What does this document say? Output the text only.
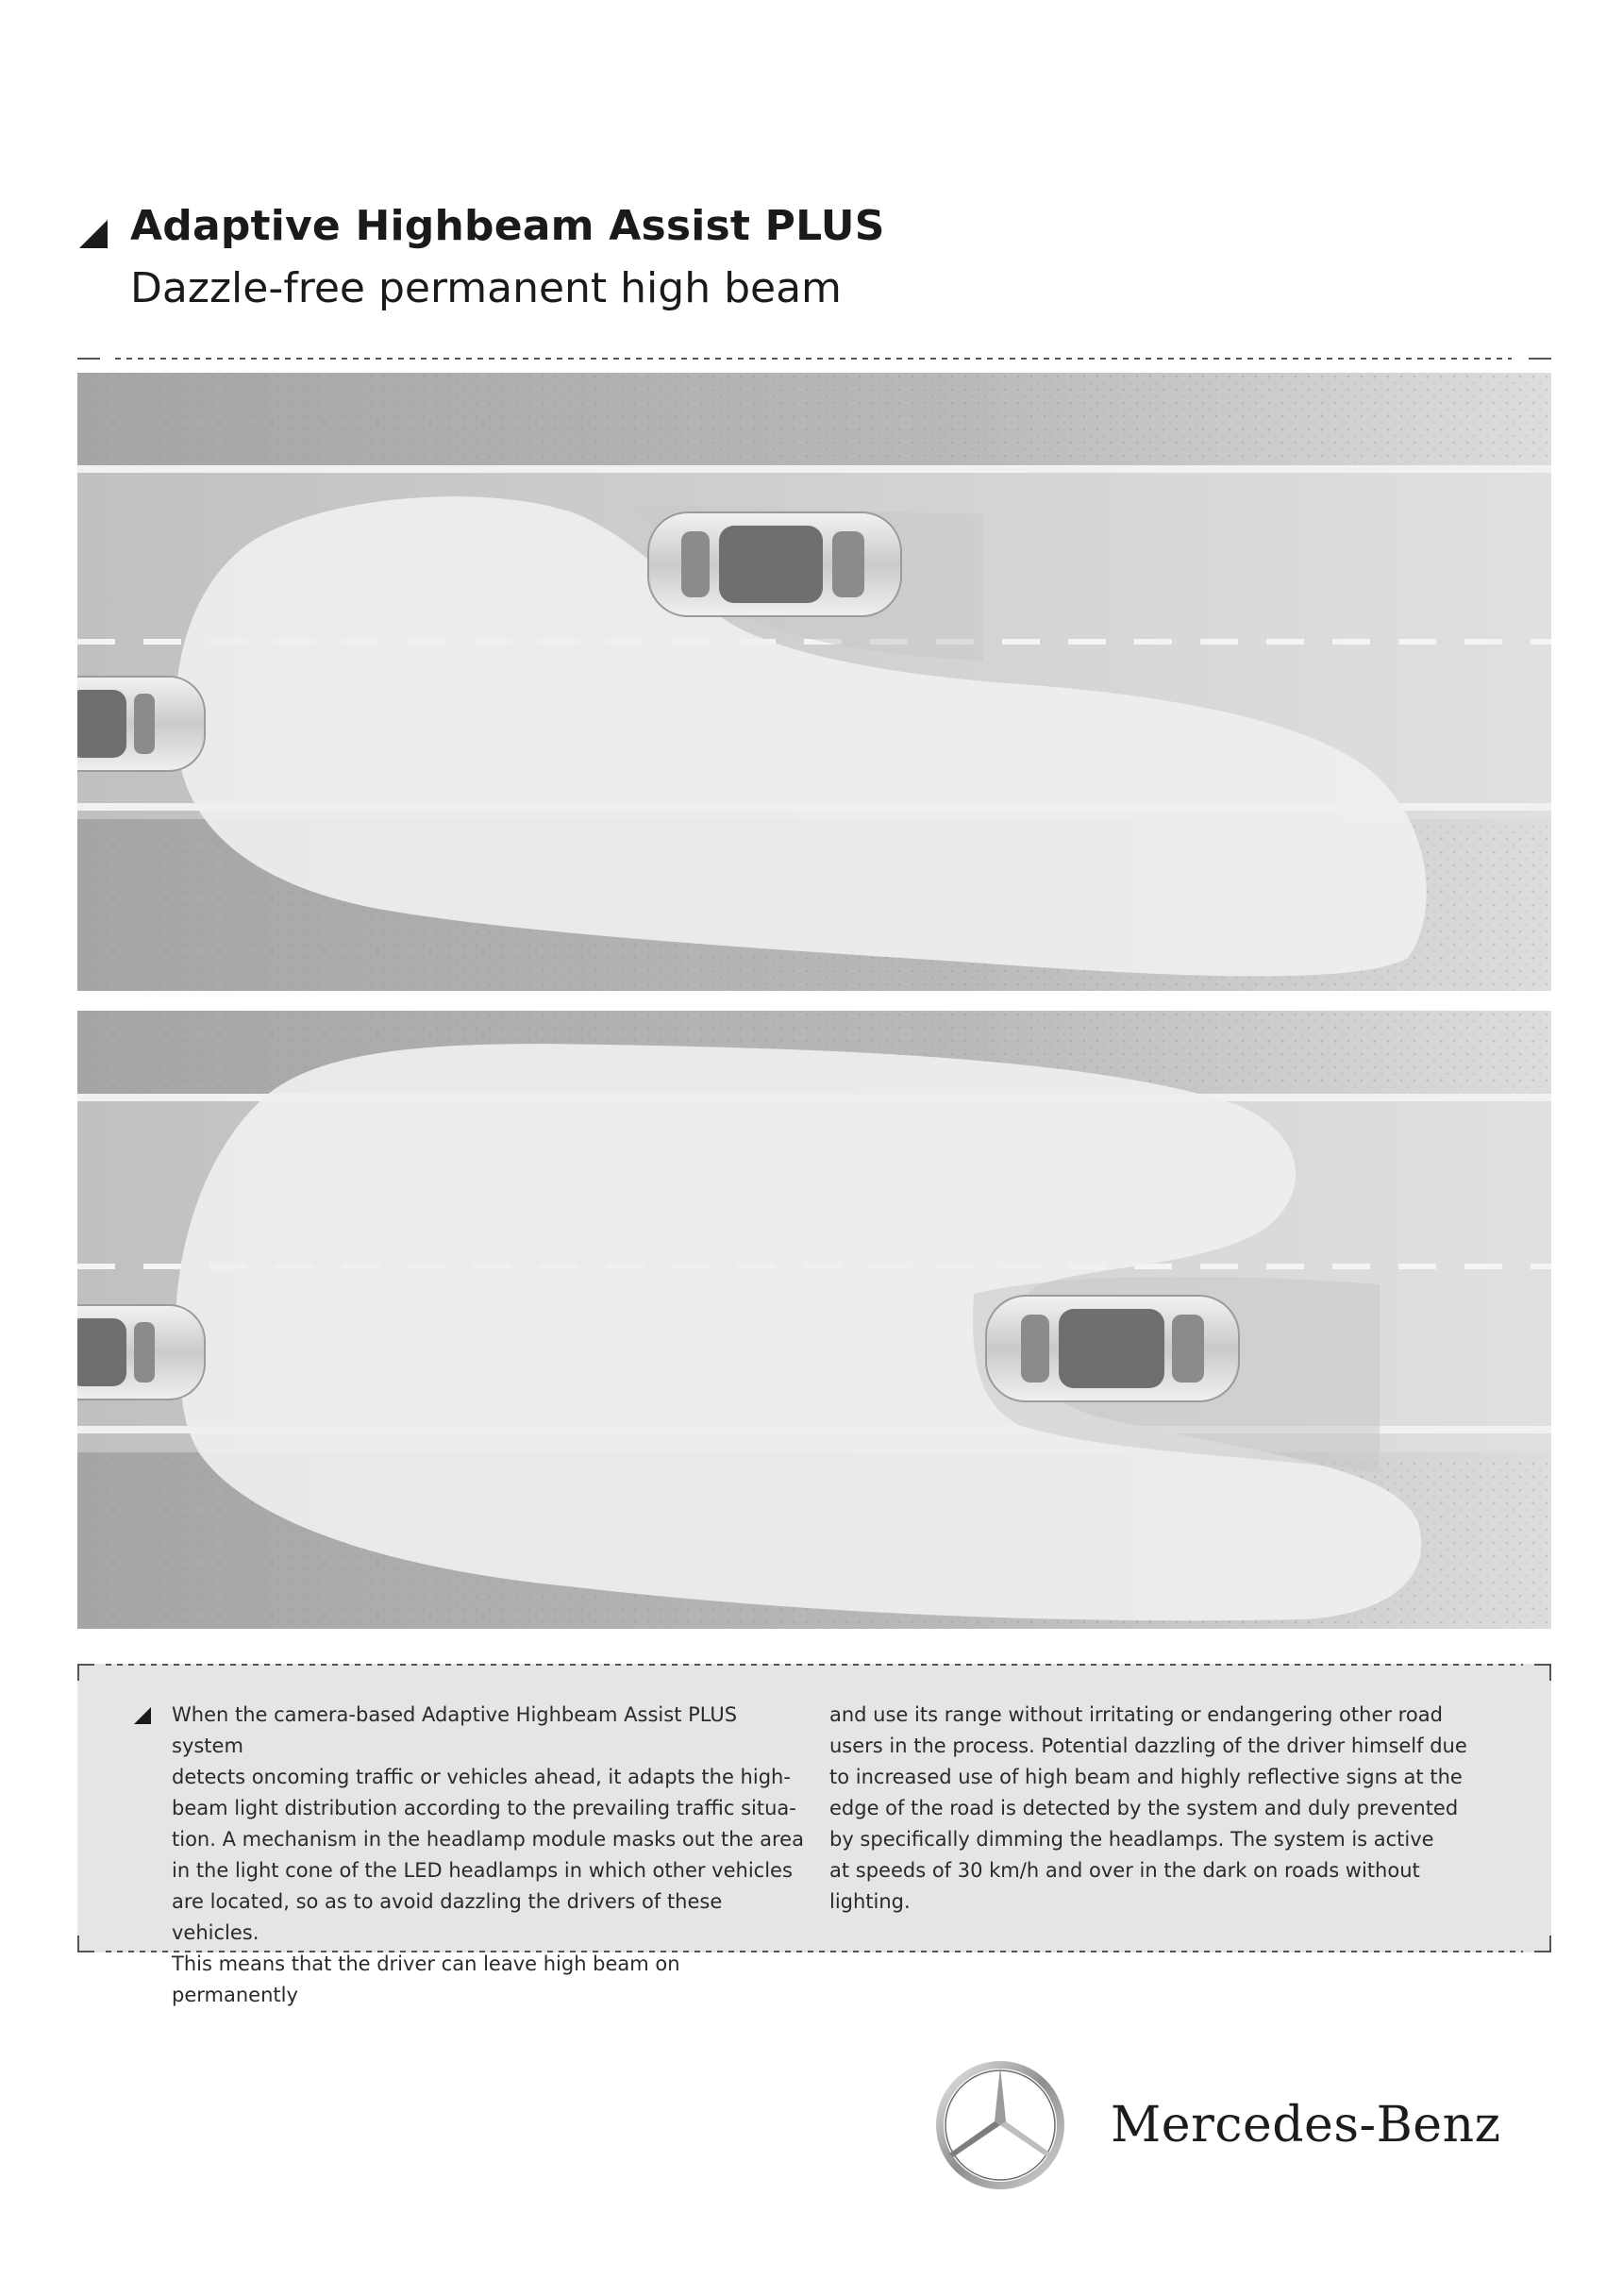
Adaptive Highbeam Assist PLUS
Dazzle-free permanent high beam
When the camera-based Adaptive Highbeam Assist PLUS system
detects oncoming traffic or vehicles ahead, it adapts the high-
beam light distribution according to the prevailing traffic situa-
tion. A mechanism in the headlamp module masks out the area
in the light cone of the LED headlamps in which other vehicles
are located, so as to avoid dazzling the drivers of these vehicles.
This means that the driver can leave high beam on permanently
and use its range without irritating or endangering other road
users in the process. Potential dazzling of the driver himself due
to increased use of high beam and highly reflective signs at the
edge of the road is detected by the system and duly prevented
by specifically dimming the headlamps. The system is active
at speeds of 30 km/h and over in the dark on roads without
lighting.
Mercedes-Benz
